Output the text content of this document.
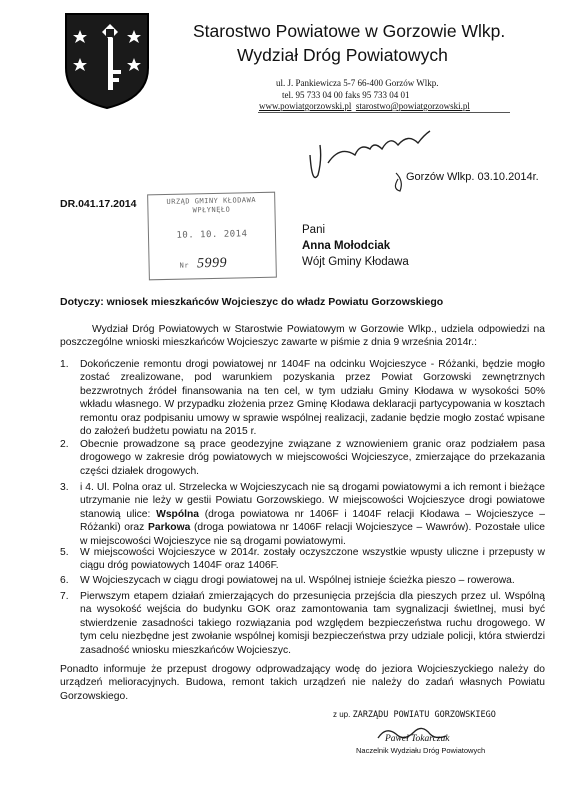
Starostwo Powiatowe w Gorzowie Wlkp.
Wydział Dróg Powiatowych
ul. J. Pankiewicza 5-7 66-400 Gorzów Wlkp.
tel. 95 733 04 00 faks 95 733 04 01
www.powiatgorzowski.pl starostwo@powiatgorzowski.pl
Gorzów Wlkp. 03.10.2014r.
DR.041.17.2014	URZĄD GMINY KŁODAWA
WPŁYNĘŁO
10. 10. 2014
Nr 5999
Pani
Anna Mołodciak
Wójt Gminy Kłodawa
Dotyczy: wniosek mieszkańców Wojcieszyc do władz Powiatu Gorzowskiego
Wydział Dróg Powiatowych w Starostwie Powiatowym w Gorzowie Wlkp., udziela odpowiedzi na poszczególne wnioski mieszkańców Wojcieszyc zawarte w piśmie z dnia 9 września 2014r.:
1. Dokończenie remontu drogi powiatowej nr 1404F na odcinku Wojcieszyce - Różanki, będzie mogło zostać zrealizowane, pod warunkiem pozyskania przez Powiat Gorzowski zewnętrznych bezzwrotnych źródeł finansowania na ten cel, w tym udziału Gminy Kłodawa w wysokości 50% wkładu własnego. W przypadku złożenia przez Gminę Kłodawa deklaracji partycypowania w kosztach remontu oraz podpisaniu umowy w sprawie wspólnej realizacji, zadanie będzie mogło zostać wpisane do założeń budżetu powiatu na 2015 r.
2. Obecnie prowadzone są prace geodezyjne związane z wznowieniem granic oraz podziałem pasa drogowego w zakresie dróg powiatowych w miejscowości Wojcieszyce, zmierzające do przekazania części działek drogowych.
3. i 4. Ul. Polna oraz ul. Strzelecka w Wojcieszycach nie są drogami powiatowymi a ich remont i bieżące utrzymanie nie leży w gestii Powiatu Gorzowskiego. W miejscowości Wojcieszyce drogi powiatowe stanowią ulice: Wspólna (droga powiatowa nr 1406F i 1404F relacji Kłodawa – Wojcieszyce – Różanki) oraz Parkowa (droga powiatowa nr 1406F relacji Wojcieszyce – Wawrów). Pozostałe ulice w miejscowości Wojcieszyce nie są drogami powiatowymi.
5. W miejscowości Wojcieszyce w 2014r. zostały oczyszczone wszystkie wpusty uliczne i przepusty w ciągu dróg powiatowych 1404F oraz 1406F.
6. W Wojcieszycach w ciągu drogi powiatowej na ul. Wspólnej istnieje ścieżka pieszo – rowerowa.
7. Pierwszym etapem działań zmierzających do przesunięcia przejścia dla pieszych przez ul. Wspólną na wysokość wejścia do budynku GOK oraz zamontowania tam sygnalizacji świetlnej, musi być stwierdzenie zasadności takiego rozwiązania pod względem bezpieczeństwa ruchu drogowego. W tym celu niezbędne jest zwołanie wspólnej komisji bezpieczeństwa przy udziale policji, która stwierdzi zasadność wniosku mieszkańców Wojcieszyc.
Ponadto informuje że przepust drogowy odprowadzający wodę do jeziora Wojcieszyckiego należy do urządzeń melioracyjnych. Budowa, remont takich urządzeń nie należy do zadań własnych Powiatu Gorzowskiego.
z up. ZARZĄDU POWIATU GORZOWSKIEGO
Paweł Tokarczuk
Naczelnik Wydziału Dróg Powiatowych
